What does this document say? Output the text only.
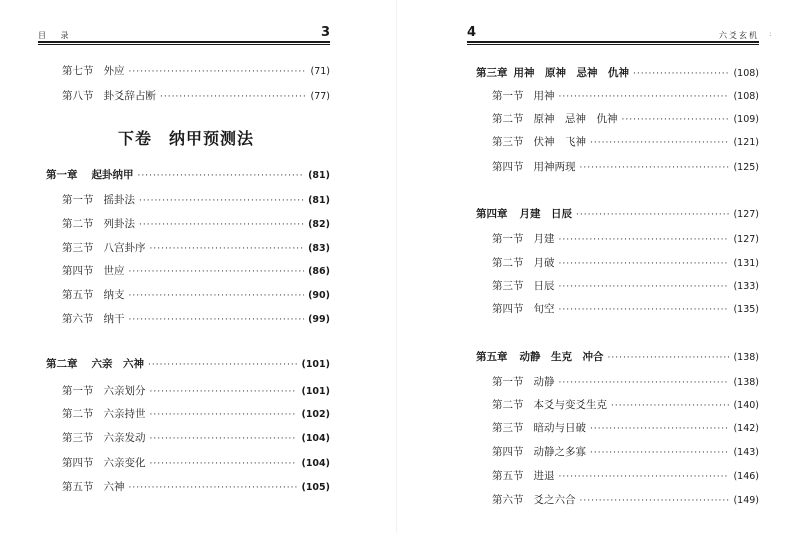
目 录	3
第七节 外应 ·····	(71)
第八节 卦爻辞占断 ·····	(77)
下卷　纳甲预测法
第一章 起卦纳甲 ·····	(81)
第一节 摇卦法 ·····	(81)
第二节 列卦法 ·····	(82)
第三节 八宫卦序 ·····	(83)
第四节 世应 ·····	(86)
第五节 纳支 ·····	(90)
第六节 纳干 ·····	(99)
第二章 六亲　六神 ·····	(101)
第一节 六亲划分 ·····	(101)
第二节 六亲持世 ·····	(102)
第三节 六亲发动 ·····	(104)
第四节 六亲变化 ·····	(104)
第五节 六神 ·····	(105)
4	六爻玄机 :
第三章 用神　原神　忌神　仇神 ·····	(108)
第一节 用神 ·····	(108)
第二节 原神　忌神　仇神 ·····	(109)
第三节 伏神　飞神 ·····	(121)
第四节 用神两现 ·····	(125)
第四章 月建　日辰 ·····	(127)
第一节 月建 ·····	(127)
第二节 月破 ·····	(131)
第三节 日辰 ·····	(133)
第四节 旬空 ·····	(135)
第五章 动静　生克　冲合 ·····	(138)
第一节 动静 ·····	(138)
第二节 本爻与变爻生克 ·····	(140)
第三节 暗动与日破 ·····	(142)
第四节 动静之多寡 ·····	(143)
第五节 进退 ·····	(146)
第六节 爻之六合 ·····	(149)
